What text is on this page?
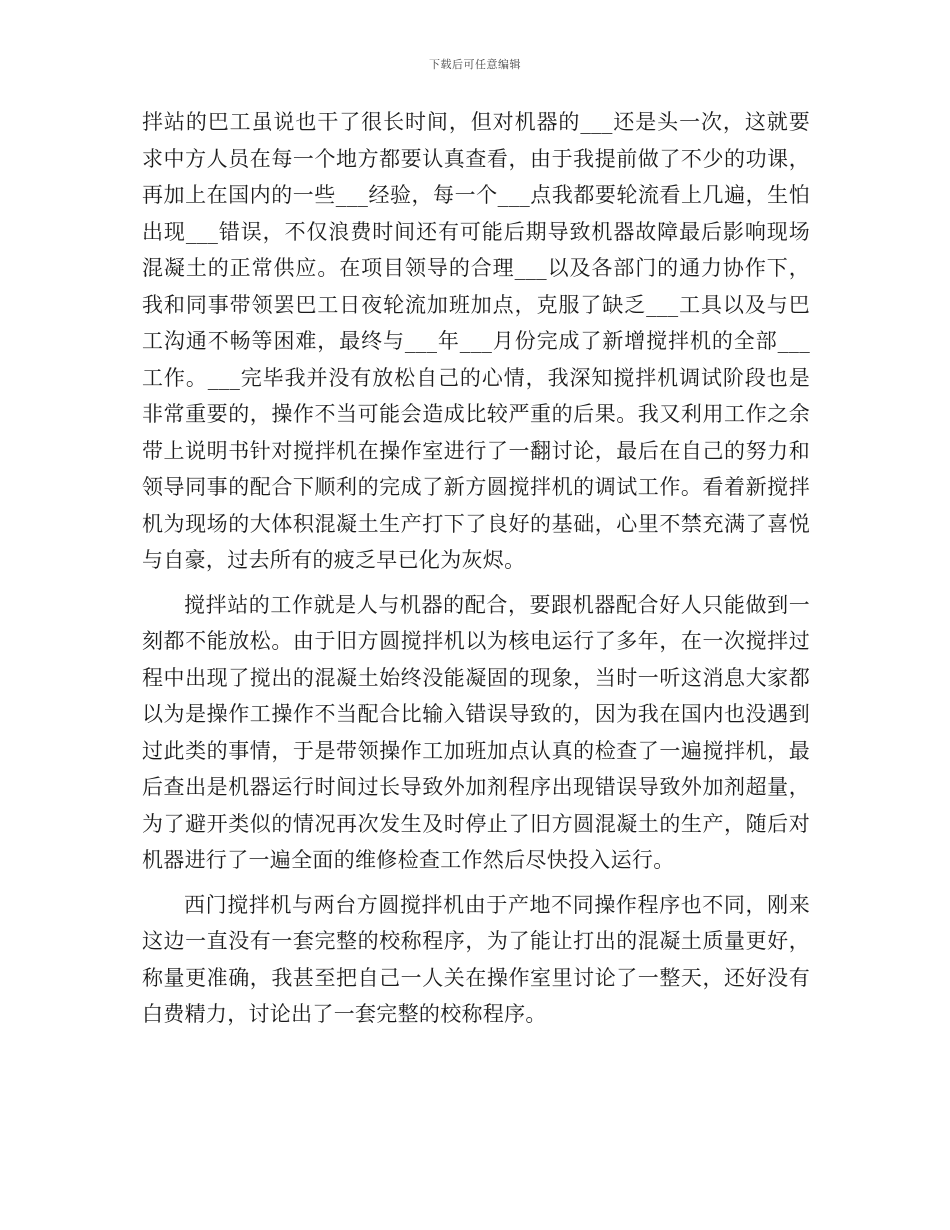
下载后可任意编辑

拌站的巴工虽说也干了很长时间，但对机器的___还是头一次，这就要求中方人员在每一个地方都要认真查看，由于我提前做了不少的功课，再加上在国内的一些___经验，每一个___点我都要轮流看上几遍，生怕出现___错误，不仅浪费时间还有可能后期导致机器故障最后影响现场混凝土的正常供应。在项目领导的合理___以及各部门的通力协作下，我和同事带领罢巴工日夜轮流加班加点，克服了缺乏___工具以及与巴工沟通不畅等困难，最终与___年___月份完成了新增搅拌机的全部___工作。___完毕我并没有放松自己的心情，我深知搅拌机调试阶段也是非常重要的，操作不当可能会造成比较严重的后果。我又利用工作之余带上说明书针对搅拌机在操作室进行了一翻讨论，最后在自己的努力和领导同事的配合下顺利的完成了新方圆搅拌机的调试工作。看着新搅拌机为现场的大体积混凝土生产打下了良好的基础，心里不禁充满了喜悦与自豪，过去所有的疲乏早已化为灰烬。

搅拌站的工作就是人与机器的配合，要跟机器配合好人只能做到一刻都不能放松。由于旧方圆搅拌机以为核电运行了多年，在一次搅拌过程中出现了搅出的混凝土始终没能凝固的现象，当时一听这消息大家都以为是操作工操作不当配合比输入错误导致的，因为我在国内也没遇到过此类的事情，于是带领操作工加班加点认真的检查了一遍搅拌机，最后查出是机器运行时间过长导致外加剂程序出现错误导致外加剂超量，为了避开类似的情况再次发生及时停止了旧方圆混凝土的生产，随后对机器进行了一遍全面的维修检查工作然后尽快投入运行。

西门搅拌机与两台方圆搅拌机由于产地不同操作程序也不同，刚来这边一直没有一套完整的校称程序，为了能让打出的混凝土质量更好，称量更准确，我甚至把自己一人关在操作室里讨论了一整天，还好没有白费精力，讨论出了一套完整的校称程序。
